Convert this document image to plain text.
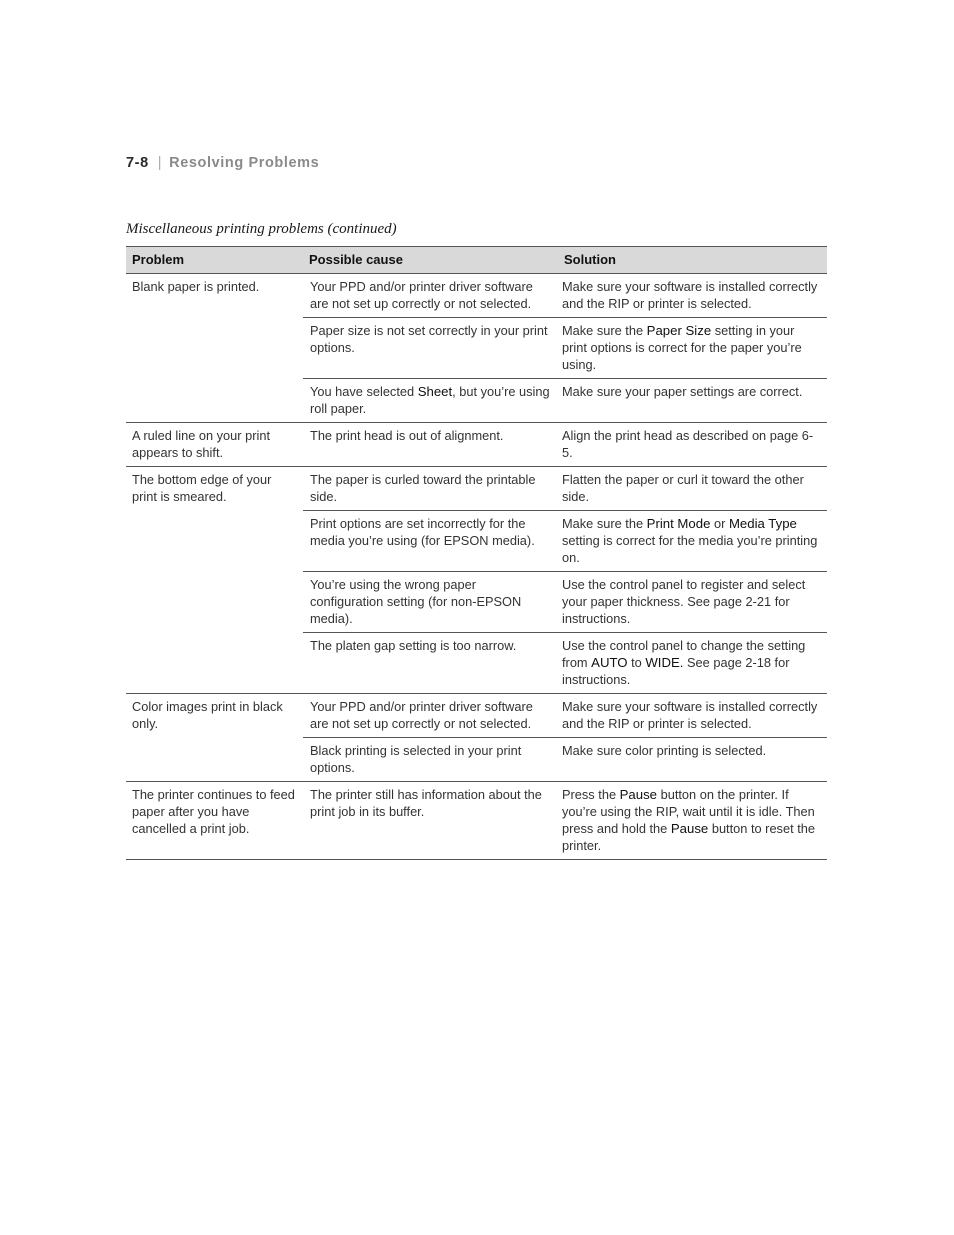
7-8 | Resolving Problems
Miscellaneous printing problems (continued)
Problem	Possible cause	Solution
Blank paper is printed.	Your PPD and/or printer driver software are not set up correctly or not selected.	Make sure your software is installed correctly and the RIP or printer is selected.
	Paper size is not set correctly in your print options.	Make sure the Paper Size setting in your print options is correct for the paper you’re using.
	You have selected Sheet, but you’re using roll paper.	Make sure your paper settings are correct.
A ruled line on your print appears to shift.	The print head is out of alignment.	Align the print head as described on page 6-5.
The bottom edge of your print is smeared.	The paper is curled toward the printable side.	Flatten the paper or curl it toward the other side.
	Print options are set incorrectly for the media you’re using (for EPSON media).	Make sure the Print Mode or Media Type setting is correct for the media you’re printing on.
	You’re using the wrong paper configuration setting (for non-EPSON media).	Use the control panel to register and select your paper thickness. See page 2-21 for instructions.
	The platen gap setting is too narrow.	Use the control panel to change the setting from AUTO to WIDE. See page 2-18 for instructions.
Color images print in black only.	Your PPD and/or printer driver software are not set up correctly or not selected.	Make sure your software is installed correctly and the RIP or printer is selected.
	Black printing is selected in your print options.	Make sure color printing is selected.
The printer continues to feed paper after you have cancelled a print job.	The printer still has information about the print job in its buffer.	Press the Pause button on the printer. If you’re using the RIP, wait until it is idle. Then press and hold the Pause button to reset the printer.
